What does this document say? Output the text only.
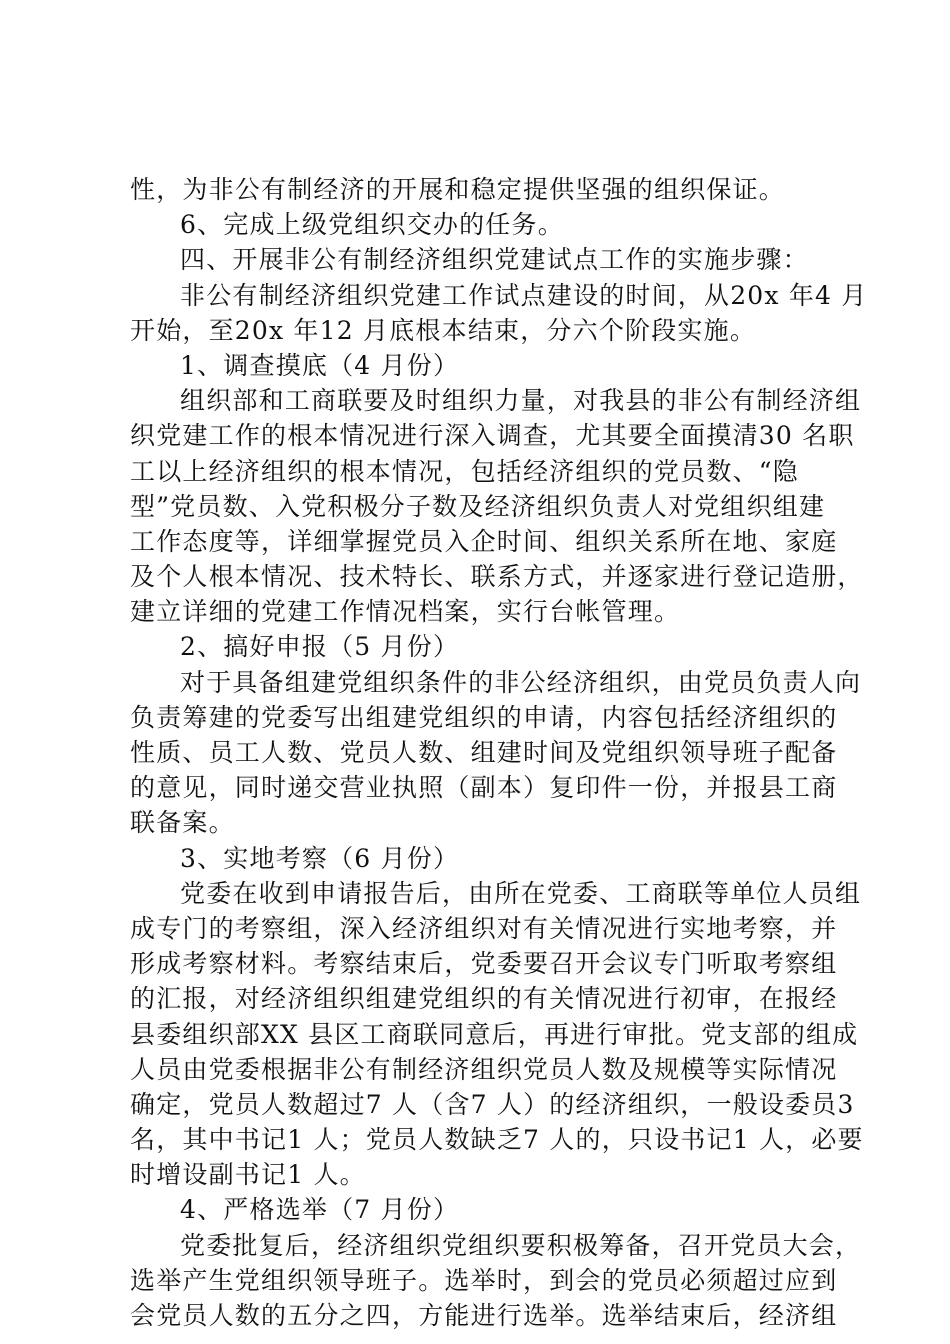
性，为非公有制经济的开展和稳定提供坚强的组织保证。
6、完成上级党组织交办的任务。
四、开展非公有制经济组织党建试点工作的实施步骤：
非公有制经济组织党建工作试点建设的时间，从20x 年4 月
开始，至20x 年12 月底根本结束，分六个阶段实施。
1、调查摸底（4 月份）
组织部和工商联要及时组织力量，对我县的非公有制经济组
织党建工作的根本情况进行深入调查，尤其要全面摸清30 名职
工以上经济组织的根本情况，包括经济组织的党员数、“隐
型”党员数、入党积极分子数及经济组织负责人对党组织组建
工作态度等，详细掌握党员入企时间、组织关系所在地、家庭
及个人根本情况、技术特长、联系方式，并逐家进行登记造册，
建立详细的党建工作情况档案，实行台帐管理。
2、搞好申报（5 月份）
对于具备组建党组织条件的非公经济组织，由党员负责人向
负责筹建的党委写出组建党组织的申请，内容包括经济组织的
性质、员工人数、党员人数、组建时间及党组织领导班子配备
的意见，同时递交营业执照（副本）复印件一份，并报县工商
联备案。
3、实地考察（6 月份）
党委在收到申请报告后，由所在党委、工商联等单位人员组
成专门的考察组，深入经济组织对有关情况进行实地考察，并
形成考察材料。考察结束后，党委要召开会议专门听取考察组
的汇报，对经济组织组建党组织的有关情况进行初审，在报经
县委组织部XX 县区工商联同意后，再进行审批。党支部的组成
人员由党委根据非公有制经济组织党员人数及规模等实际情况
确定，党员人数超过7 人（含7 人）的经济组织，一般设委员3
名，其中书记1 人；党员人数缺乏7 人的，只设书记1 人，必要
时增设副书记1 人。
4、严格选举（7 月份）
党委批复后，经济组织党组织要积极筹备，召开党员大会，
选举产生党组织领导班子。选举时，到会的党员必须超过应到
会党员人数的五分之四，方能进行选举。选举结束后，经济组
